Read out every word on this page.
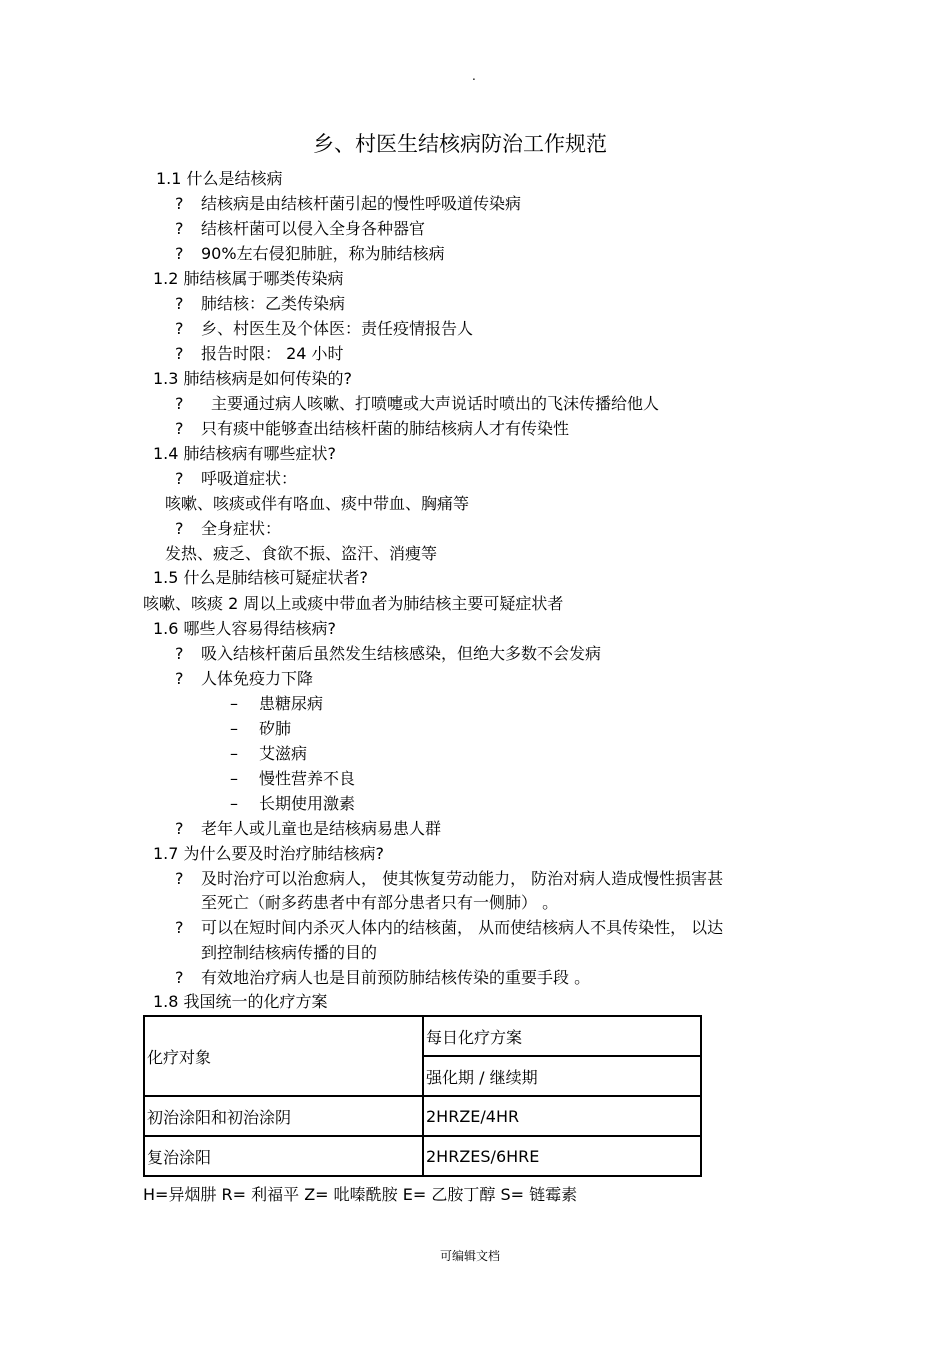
.
乡、村医生结核病防治工作规范
1.1 什么是结核病
? 结核病是由结核杆菌引起的慢性呼吸道传染病
? 结核杆菌可以侵入全身各种器官
? 90%左右侵犯肺脏，称为肺结核病
1.2 肺结核属于哪类传染病
? 肺结核：乙类传染病
? 乡、村医生及个体医：责任疫情报告人
? 报告时限： 24 小时
1.3 肺结核病是如何传染的?
? 主要通过病人咳嗽、打喷嚏或大声说话时喷出的飞沫传播给他人
? 只有痰中能够查出结核杆菌的肺结核病人才有传染性
1.4 肺结核病有哪些症状?
? 呼吸道症状：
咳嗽、咳痰或伴有咯血、痰中带血、胸痛等
? 全身症状：
发热、疲乏、食欲不振、盗汗、消瘦等
1.5 什么是肺结核可疑症状者?
咳嗽、咳痰 2 周以上或痰中带血者为肺结核主要可疑症状者
1.6 哪些人容易得结核病?
? 吸入结核杆菌后虽然发生结核感染，但绝大多数不会发病
? 人体免疫力下降
– 患糖尿病
– 矽肺
– 艾滋病
– 慢性营养不良
– 长期使用激素
? 老年人或儿童也是结核病易患人群
1.7 为什么要及时治疗肺结核病?
? 及时治疗可以治愈病人， 使其恢复劳动能力， 防治对病人造成慢性损害甚
至死亡（耐多药患者中有部分患者只有一侧肺） 。
? 可以在短时间内杀灭人体内的结核菌， 从而使结核病人不具传染性， 以达
到控制结核病传播的目的
? 有效地治疗病人也是目前预防肺结核传染的重要手段 。
1.8 我国统一的化疗方案
化疗对象	每日化疗方案
	强化期 / 继续期
初治涂阳和初治涂阴	2HRZE/4HR
复治涂阳	2HRZES/6HRE
H=异烟肼 R= 利福平 Z= 吡嗪酰胺 E= 乙胺丁醇 S= 链霉素
可编辑文档
